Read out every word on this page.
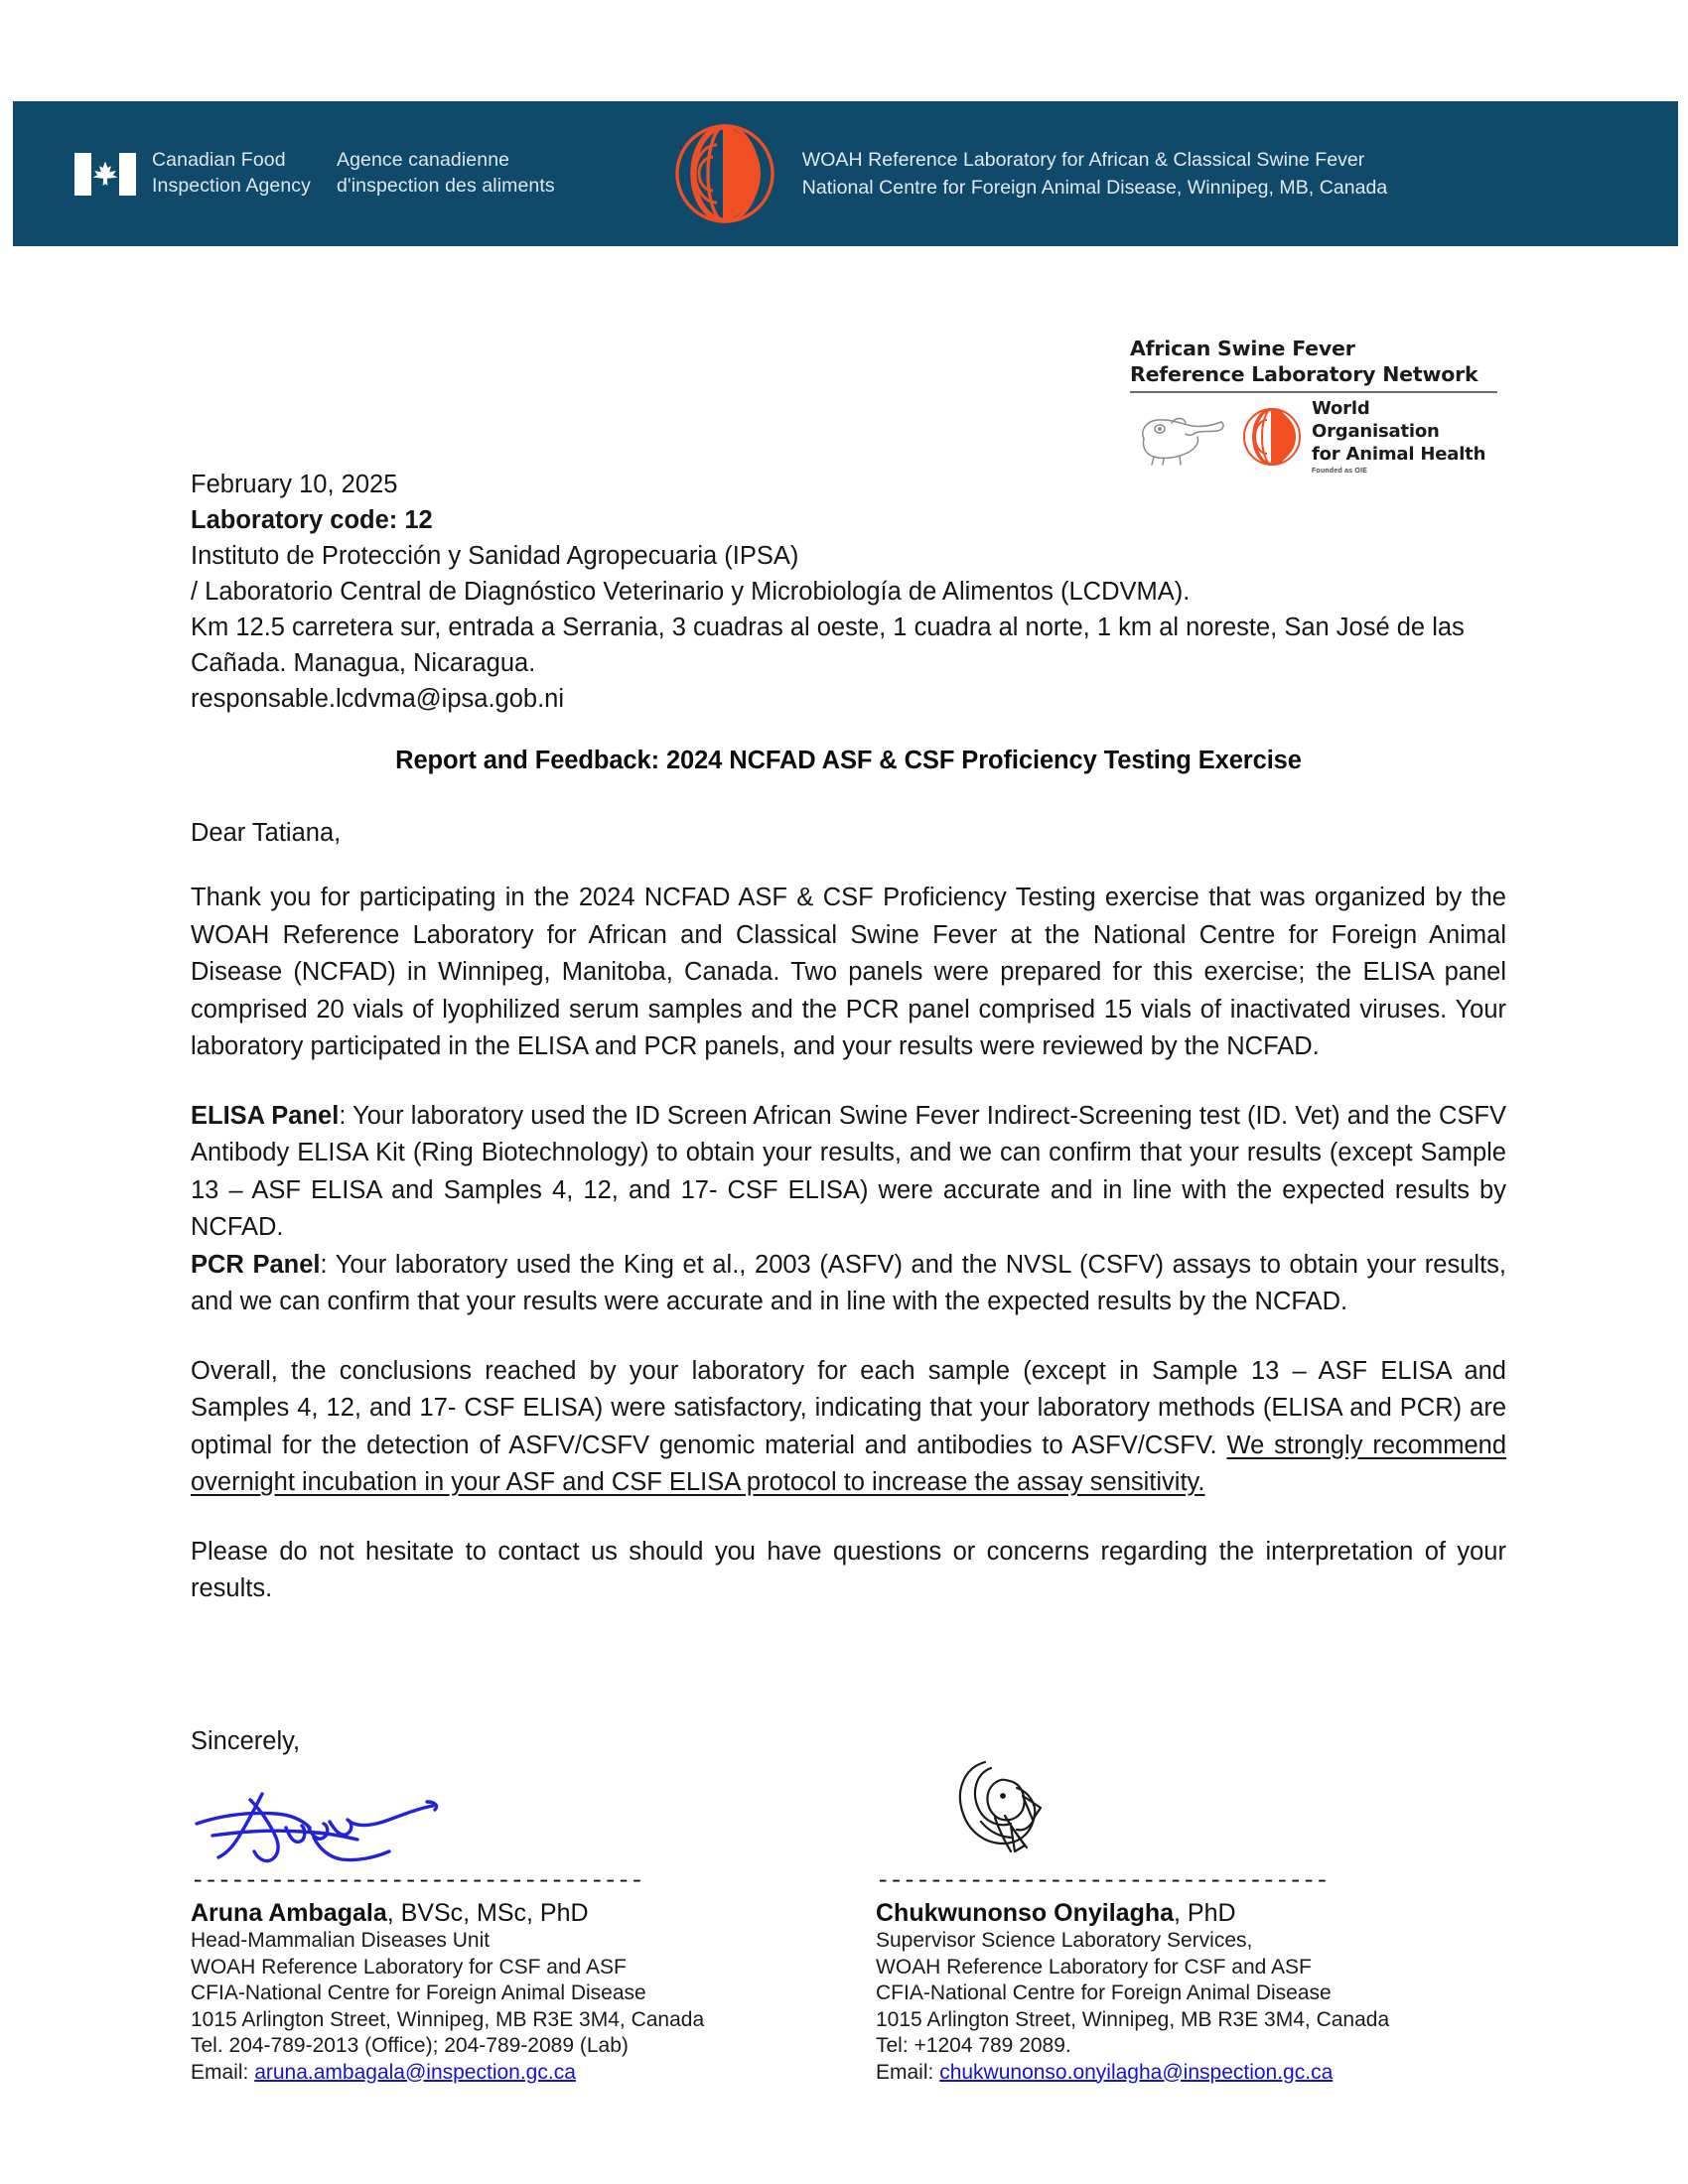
Canadian Food
Inspection Agency
Agence canadienne
d'inspection des aliments
WOAH Reference Laboratory for African & Classical Swine Fever
National Centre for Foreign Animal Disease, Winnipeg, MB, Canada
African Swine Fever
Reference Laboratory Network
World Organisation
for Animal Health
Founded as OIE
February 10, 2025
Laboratory code: 12
Instituto de Protección y Sanidad Agropecuaria (IPSA)
/ Laboratorio Central de Diagnóstico Veterinario y Microbiología de Alimentos (LCDVMA).
Km 12.5 carretera sur, entrada a Serrania, 3 cuadras al oeste, 1 cuadra al norte, 1 km al noreste, San José de las Cañada. Managua, Nicaragua.
responsable.lcdvma@ipsa.gob.ni
Report and Feedback: 2024 NCFAD ASF & CSF Proficiency Testing Exercise
Dear Tatiana,

Thank you for participating in the 2024 NCFAD ASF & CSF Proficiency Testing exercise that was organized by the WOAH Reference Laboratory for African and Classical Swine Fever at the National Centre for Foreign Animal Disease (NCFAD) in Winnipeg, Manitoba, Canada. Two panels were prepared for this exercise; the ELISA panel comprised 20 vials of lyophilized serum samples and the PCR panel comprised 15 vials of inactivated viruses. Your laboratory participated in the ELISA and PCR panels, and your results were reviewed by the NCFAD.

ELISA Panel: Your laboratory used the ID Screen African Swine Fever Indirect-Screening test (ID. Vet) and the CSFV Antibody ELISA Kit (Ring Biotechnology) to obtain your results, and we can confirm that your results (except Sample 13 – ASF ELISA and Samples 4, 12, and 17- CSF ELISA) were accurate and in line with the expected results by NCFAD.

PCR Panel: Your laboratory used the King et al., 2003 (ASFV) and the NVSL (CSFV) assays to obtain your results, and we can confirm that your results were accurate and in line with the expected results by the NCFAD.

Overall, the conclusions reached by your laboratory for each sample (except in Sample 13 – ASF ELISA and Samples 4, 12, and 17- CSF ELISA) were satisfactory, indicating that your laboratory methods (ELISA and PCR) are optimal for the detection of ASFV/CSFV genomic material and antibodies to ASFV/CSFV. We strongly recommend overnight incubation in your ASF and CSF ELISA protocol to increase the assay sensitivity.

Please do not hesitate to contact us should you have questions or concerns regarding the interpretation of your results.

Sincerely,
----------------------------------
Aruna Ambagala, BVSc, MSc, PhD
Head-Mammalian Diseases Unit
WOAH Reference Laboratory for CSF and ASF
CFIA-National Centre for Foreign Animal Disease
1015 Arlington Street, Winnipeg, MB R3E 3M4, Canada
Tel. 204-789-2013 (Office); 204-789-2089 (Lab)
Email: aruna.ambagala@inspection.gc.ca
----------------------------------
Chukwunonso Onyilagha, PhD
Supervisor Science Laboratory Services,
WOAH Reference Laboratory for CSF and ASF
CFIA-National Centre for Foreign Animal Disease
1015 Arlington Street, Winnipeg, MB R3E 3M4, Canada
Tel: +1204 789 2089.
Email: chukwunonso.onyilagha@inspection.gc.ca
